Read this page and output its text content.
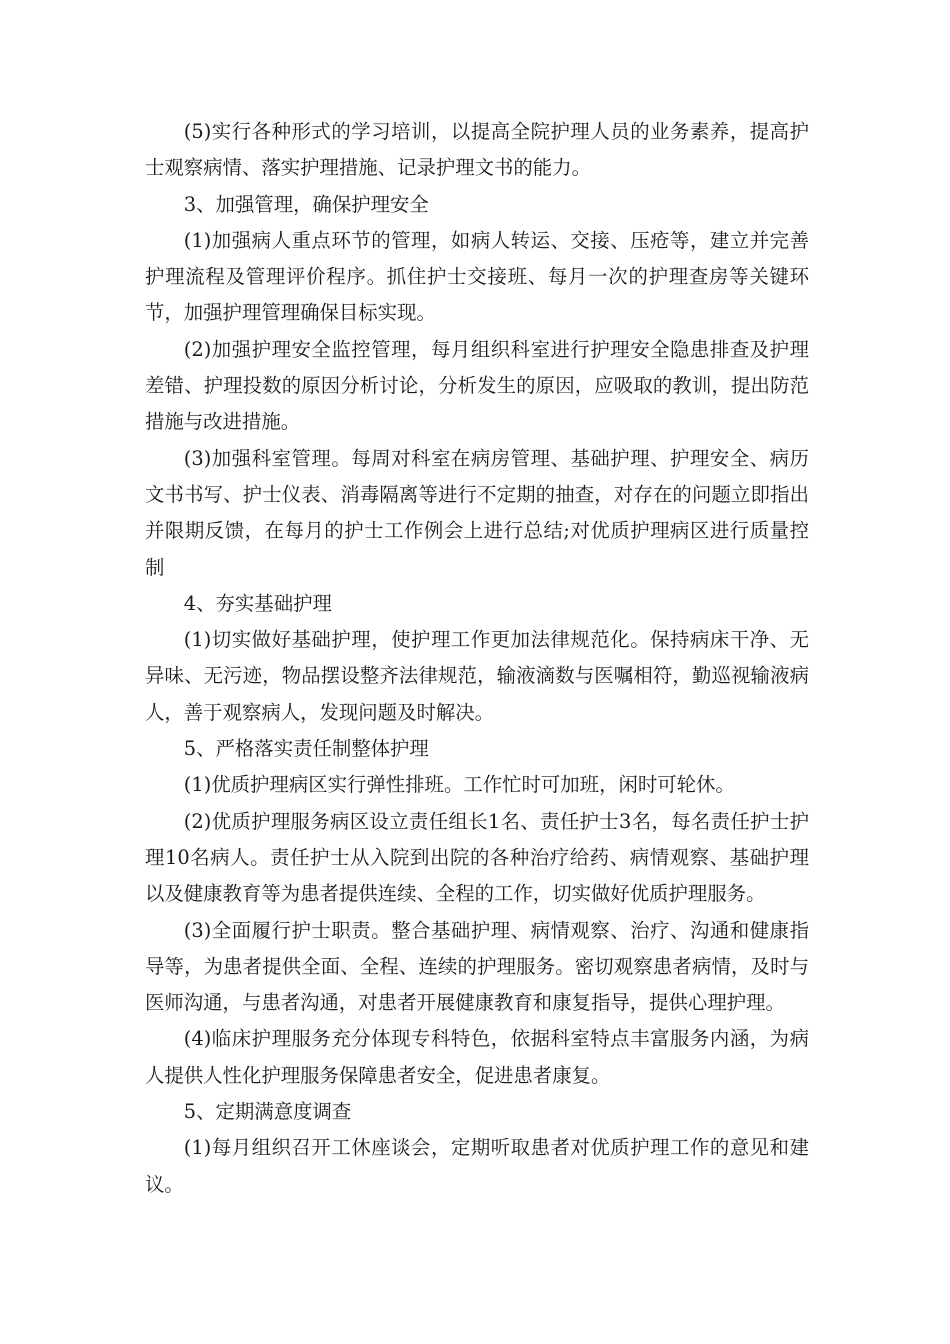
(5)实行各种形式的学习培训，以提高全院护理人员的业务素养，提高护士观察病情、落实护理措施、记录护理文书的能力。

3、加强管理，确保护理安全

(1)加强病人重点环节的管理，如病人转运、交接、压疮等，建立并完善护理流程及管理评价程序。抓住护士交接班、每月一次的护理查房等关键环节，加强护理管理确保目标实现。

(2)加强护理安全监控管理，每月组织科室进行护理安全隐患排查及护理差错、护理投数的原因分析讨论，分析发生的原因，应吸取的教训，提出防范措施与改进措施。

(3)加强科室管理。每周对科室在病房管理、基础护理、护理安全、病历文书书写、护士仪表、消毒隔离等进行不定期的抽查，对存在的问题立即指出并限期反馈，在每月的护士工作例会上进行总结;对优质护理病区进行质量控制

4、夯实基础护理

(1)切实做好基础护理，使护理工作更加法律规范化。保持病床干净、无异味、无污迹，物品摆设整齐法律规范，输液滴数与医嘱相符，勤巡视输液病人，善于观察病人，发现问题及时解决。

5、严格落实责任制整体护理

(1)优质护理病区实行弹性排班。工作忙时可加班，闲时可轮休。

(2)优质护理服务病区设立责任组长1名、责任护士3名，每名责任护士护理10名病人。责任护士从入院到出院的各种治疗给药、病情观察、基础护理以及健康教育等为患者提供连续、全程的工作，切实做好优质护理服务。

(3)全面履行护士职责。整合基础护理、病情观察、治疗、沟通和健康指导等，为患者提供全面、全程、连续的护理服务。密切观察患者病情，及时与医师沟通，与患者沟通，对患者开展健康教育和康复指导，提供心理护理。

(4)临床护理服务充分体现专科特色，依据科室特点丰富服务内涵，为病人提供人性化护理服务保障患者安全，促进患者康复。

5、定期满意度调查

(1)每月组织召开工休座谈会，定期听取患者对优质护理工作的意见和建议。
